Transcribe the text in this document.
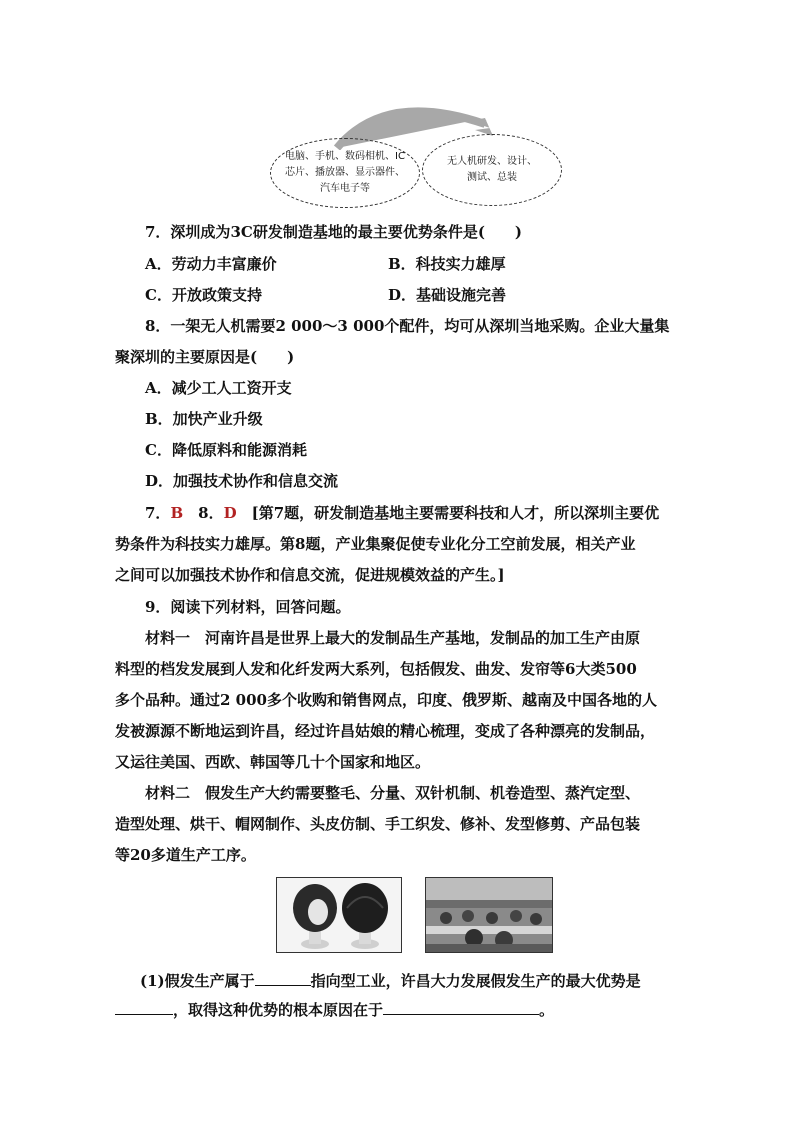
电脑、手机、数码相机、IC
芯片、播放器、显示器件、
汽车电子等
无人机研发、设计、
测试、总装
7．深圳成为3C研发制造基地的最主要优势条件是(　　)
A．劳动力丰富廉价	B．科技实力雄厚
C．开放政策支持	D．基础设施完善
8．一架无人机需要2 000～3 000个配件，均可从深圳当地采购。企业大量集
聚深圳的主要原因是(　　)
A．减少工人工资开支
B．加快产业升级
C．降低原料和能源消耗
D．加强技术协作和信息交流
7．B　 8．D　 [第7题，研发制造基地主要需要科技和人才，所以深圳主要优
势条件为科技实力雄厚。第8题，产业集聚促使专业化分工空前发展，相关产业
之间可以加强技术协作和信息交流，促进规模效益的产生。]
9．阅读下列材料，回答问题。
材料一　河南许昌是世界上最大的发制品生产基地，发制品的加工生产由原
料型的档发发展到人发和化纤发两大系列，包括假发、曲发、发帘等6大类500
多个品种。通过2 000多个收购和销售网点，印度、俄罗斯、越南及中国各地的人
发被源源不断地运到许昌，经过许昌姑娘的精心梳理，变成了各种漂亮的发制品，
又运往美国、西欧、韩国等几十个国家和地区。
材料二　假发生产大约需要整毛、分量、双针机制、机卷造型、蒸汽定型、
造型处理、烘干、帽网制作、头皮仿制、手工织发、修补、发型修剪、产品包装
等20多道生产工序。
(1)假发生产属于	指向型工业，许昌大力发展假发生产的最大优势是
，取得这种优势的根本原因在于	。
